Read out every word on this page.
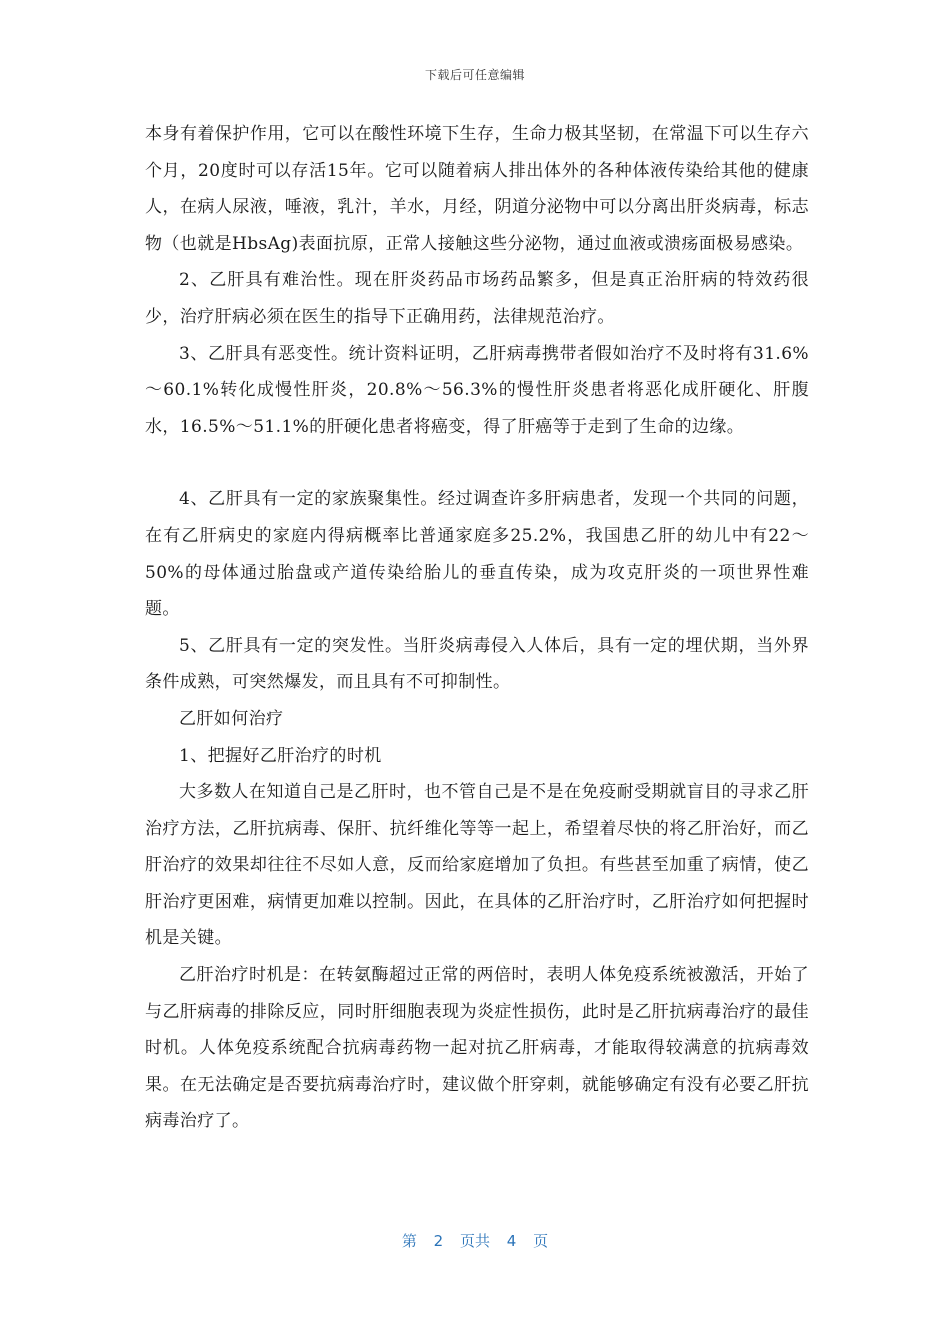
下载后可任意编辑

本身有着保护作用，它可以在酸性环境下生存，生命力极其坚韧，在常温下可以生存六个月，20度时可以存活15年。它可以随着病人排出体外的各种体液传染给其他的健康人，在病人尿液，唾液，乳汁，羊水，月经，阴道分泌物中可以分离出肝炎病毒，标志物（也就是HbsAg)表面抗原，正常人接触这些分泌物，通过血液或溃疡面极易感染。

2、乙肝具有难治性。现在肝炎药品市场药品繁多，但是真正治肝病的特效药很少，治疗肝病必须在医生的指导下正确用药，法律规范治疗。

3、乙肝具有恶变性。统计资料证明，乙肝病毒携带者假如治疗不及时将有31.6%～60.1%转化成慢性肝炎，20.8%～56.3%的慢性肝炎患者将恶化成肝硬化、肝腹水，16.5%～51.1%的肝硬化患者将癌变，得了肝癌等于走到了生命的边缘。

4、乙肝具有一定的家族聚集性。经过调查许多肝病患者，发现一个共同的问题，在有乙肝病史的家庭内得病概率比普通家庭多25.2%，我国患乙肝的幼儿中有22～50%的母体通过胎盘或产道传染给胎儿的垂直传染，成为攻克肝炎的一项世界性难题。

5、乙肝具有一定的突发性。当肝炎病毒侵入人体后，具有一定的埋伏期，当外界条件成熟，可突然爆发，而且具有不可抑制性。

乙肝如何治疗

1、把握好乙肝治疗的时机

大多数人在知道自己是乙肝时，也不管自己是不是在免疫耐受期就盲目的寻求乙肝治疗方法，乙肝抗病毒、保肝、抗纤维化等等一起上，希望着尽快的将乙肝治好，而乙肝治疗的效果却往往不尽如人意，反而给家庭增加了负担。有些甚至加重了病情，使乙肝治疗更困难，病情更加难以控制。因此，在具体的乙肝治疗时，乙肝治疗如何把握时机是关键。

乙肝治疗时机是：在转氨酶超过正常的两倍时，表明人体免疫系统被激活，开始了与乙肝病毒的排除反应，同时肝细胞表现为炎症性损伤，此时是乙肝抗病毒治疗的最佳时机。人体免疫系统配合抗病毒药物一起对抗乙肝病毒，才能取得较满意的抗病毒效果。在无法确定是否要抗病毒治疗时，建议做个肝穿刺，就能够确定有没有必要乙肝抗病毒治疗了。

第 2 页共 4 页
